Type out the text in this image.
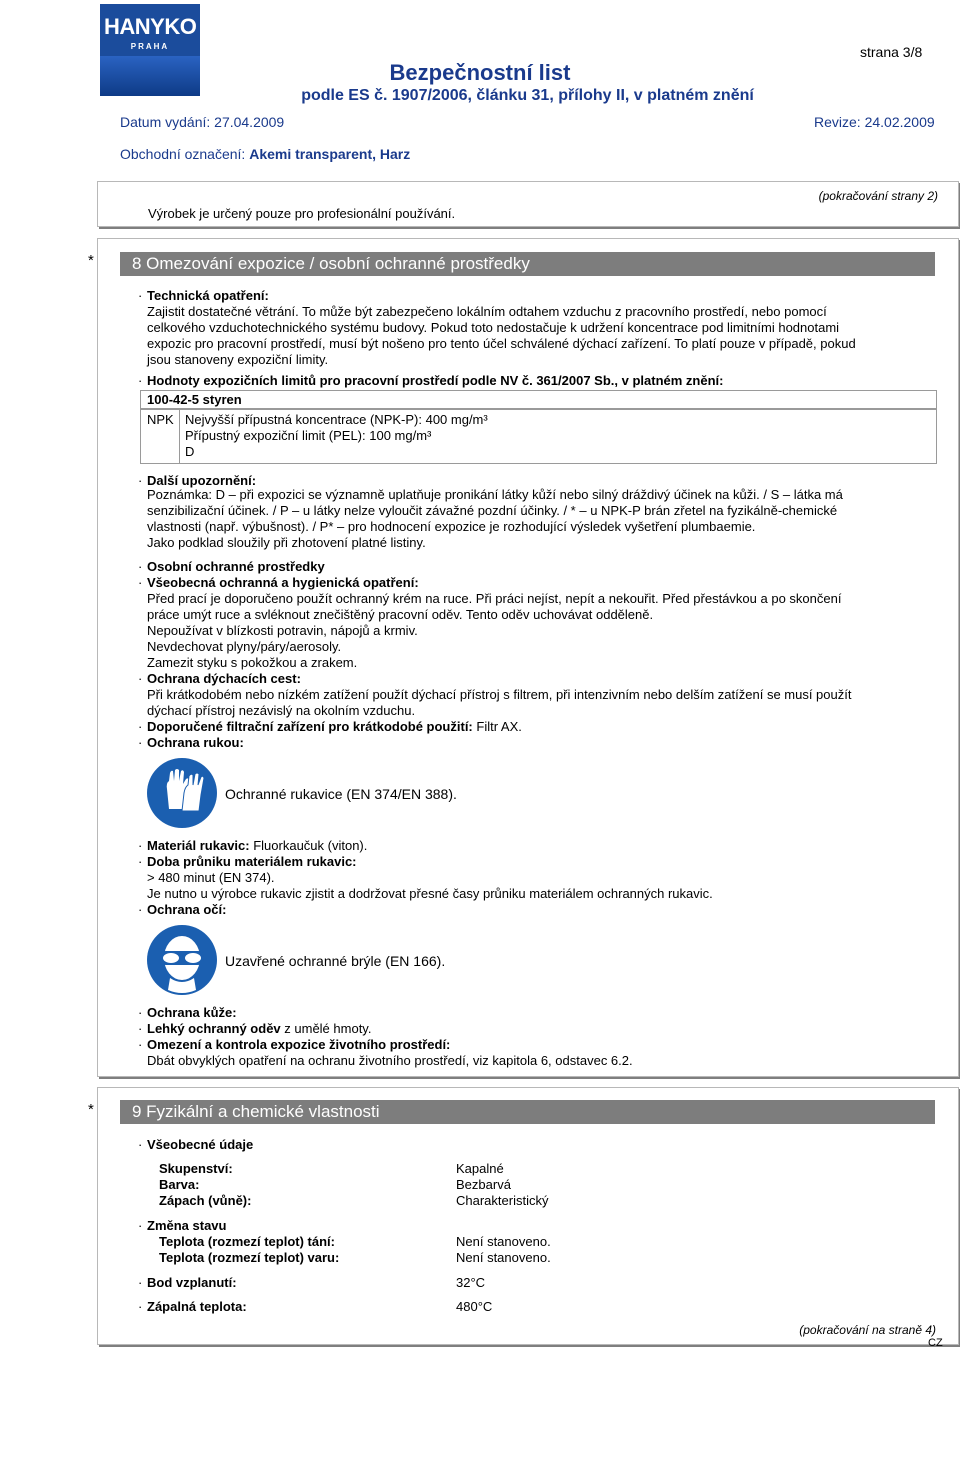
HANYKO
PRAHA	strana 3/8
Bezpečnostní list
podle ES č. 1907/2006, článku 31, přílohy II, v platném znění
Datum vydání: 27.04.2009	Revize: 24.02.2009
Obchodní označení: Akemi transparent, Harz
(pokračování strany 2)
Výrobek je určený pouze pro profesionální používání.
*	8 Omezování expozice / osobní ochranné prostředky
· Technická opatření:
Zajistit dostatečné větrání. To může být zabezpečeno lokálním odtahem vzduchu z pracovního prostředí, nebo pomocí
celkového vzduchotechnického systému budovy. Pokud toto nedostačuje k udržení koncentrace pod limitními hodnotami
expozic pro pracovní prostředí, musí být nošeno pro tento účel schválené dýchací zařízení. To platí pouze v případě, pokud
jsou stanoveny expoziční limity.
· Hodnoty expozičních limitů pro pracovní prostředí podle NV č. 361/2007 Sb., v platném znění:
100-42-5 styren
NPK Nejvyšší přípustná koncentrace (NPK-P): 400 mg/m³
Přípustný expoziční limit (PEL): 100 mg/m³
D
· Další upozornění:
Poznámka: D – při expozici se významně uplatňuje pronikání látky kůží nebo silný dráždivý účinek na kůži. / S – látka má
senzibilizační účinek. / P – u látky nelze vyloučit závažné pozdní účinky. / * – u NPK-P brán zřetel na fyzikálně-chemické
vlastnosti (např. výbušnost). / P* – pro hodnocení expozice je rozhodující výsledek vyšetření plumbaemie.
Jako podklad sloužily při zhotovení platné listiny.
· Osobní ochranné prostředky
· Všeobecná ochranná a hygienická opatření:
Před prací je doporučeno použít ochranný krém na ruce. Při práci nejíst, nepít a nekouřit. Před přestávkou a po skončení
práce umýt ruce a svléknout znečištěný pracovní oděv. Tento oděv uchovávat odděleně.
Nepoužívat v blízkosti potravin, nápojů a krmiv.
Nevdechovat plyny/páry/aerosoly.
Zamezit styku s pokožkou a zrakem.
· Ochrana dýchacích cest:
Při krátkodobém nebo nízkém zatížení použít dýchací přístroj s filtrem, při intenzivním nebo delším zatížení se musí použít
dýchací přístroj nezávislý na okolním vzduchu.
· Doporučené filtrační zařízení pro krátkodobé použití: Filtr AX.
· Ochrana rukou:
Ochranné rukavice (EN 374/EN 388).
· Materiál rukavic: Fluorkaučuk (viton).
· Doba průniku materiálem rukavic:
> 480 minut (EN 374).
Je nutno u výrobce rukavic zjistit a dodržovat přesné časy průniku materiálem ochranných rukavic.
· Ochrana očí:
Uzavřené ochranné brýle (EN 166).
· Ochrana kůže:
· Lehký ochranný oděv z umělé hmoty.
· Omezení a kontrola expozice životního prostředí:
Dbát obvyklých opatření na ochranu životního prostředí, viz kapitola 6, odstavec 6.2.
*	9 Fyzikální a chemické vlastnosti
· Všeobecné údaje
Skupenství:	Kapalné
Barva:	Bezbarvá
Zápach (vůně):	Charakteristický
· Změna stavu
Teplota (rozmezí teplot) tání:	Není stanoveno.
Teplota (rozmezí teplot) varu:	Není stanoveno.
· Bod vzplanutí:	32°C
· Zápalná teplota:	480°C
(pokračování na straně 4)
CZ
